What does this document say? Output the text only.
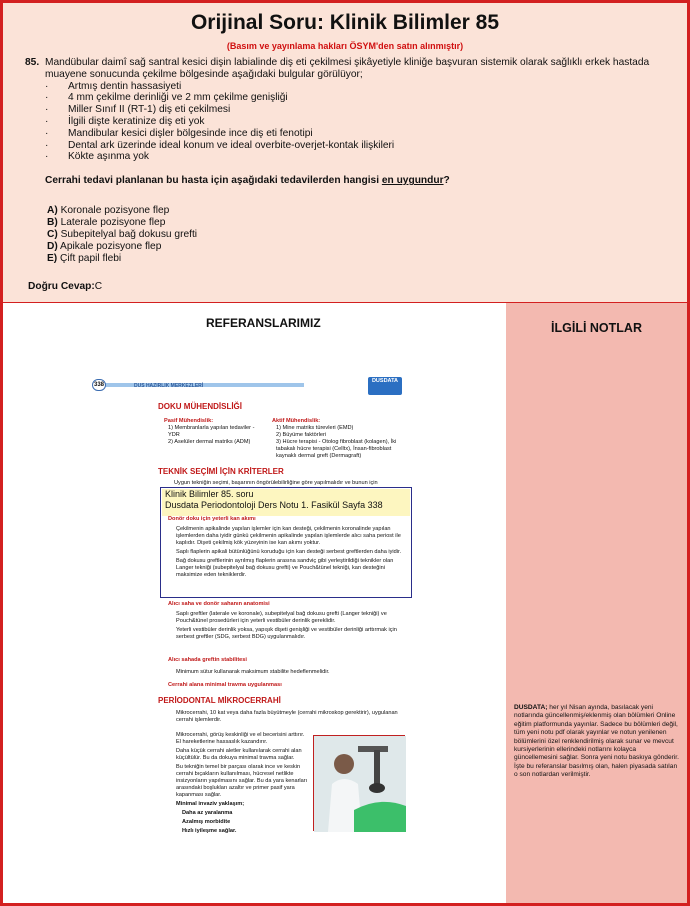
Orijinal Soru: Klinik Bilimler 85
(Basım ve yayınlama hakları ÖSYM'den satın alınmıştır)
85. Mandübular daimî sağ santral kesici dişin labialinde diş eti çekilmesi şikâyetiyle kliniğe başvuran sistemik olarak sağlıklı erkek hastada muayene sonucunda çekilme bölgesinde aşağıdaki bulgular görülüyor;
·	Artmış dentin hassasiyeti
·	4 mm çekilme derinliği ve 2 mm çekilme genişliği
·	Miller Sınıf II (RT-1) diş eti çekilmesi
·	İlgili dişte keratinize diş eti yok
·	Mandibular kesici dişler bölgesinde ince diş eti fenotipi
·	Dental ark üzerinde ideal konum ve ideal overbite-overjet-kontak ilişkileri
·	Kökte aşınma yok
Cerrahi tedavi planlanan bu hasta için aşağıdaki tedavilerden hangisi en uygundur?
A) Koronale pozisyone flep
B) Laterale pozisyone flep
C) Subepitelyal bağ dokusu grefti
D) Apikale pozisyone flep
E) Çift papil flebi
Doğru Cevap:C
REFERANSLARIMIZ
338	DUS HAZIRLIK MERKEZLERİ
DUSDATA
DOKU MÜHENDİSLİĞİ
Pasif Mühendislik:
1) Membranlarla yapılan tedaviler -YDR
2) Aselüler dermal matriks (ADM)
Aktif Mühendislik:
1) Mine matriks türevleri (EMD)
2) Büyüme faktörleri
3) Hücre terapisi - Otolog fibroblast (kolagen), İki tabakalı hücre terapisi (Celltx), İnsan-fibroblast kaynaklı dermal greft (Dermagraft)
TEKNİK SEÇİMİ İÇİN KRİTERLER
Uygun tekniğin seçimi, başarının öngörülebilirliğine göre yapılmalıdır ve bunun için
Donör doku için yeterli kan akımı
Çekilmenin apikalinde yapılan işlemler için kan desteği, çekilmenin koronalinde yapılan işlemlerden daha iyidir günkü çekilmenin apikalinde yapılan işlemlerde alıcı saha periost ile kaplıdır. Dişeti çekilmiş kök yüzeyinin ise kan akımı yoktur.
Saplı flaplerin apikali bütünlüğünü koruduğu için kan desteği serbest greftlerden daha iyidir.
Bağ dokusu greftlerinin ayrılmış flaplerin arasına sandviç gibi yerleştirildiği teknikler olan Langer tekniği (subepitelyal bağ dokusu grefti) ve Pouch&tünel tekniği, kan desteğini maksimize eden tekniklerdir.
Alıcı saha ve donör sahanın anatomisi
Saplı greftler (laterale ve koronale), subepitelyal bağ dokusu grefti (Langer tekniği) ve Pouch&tünel prosedürleri için yeterli vestibüler derinlik gereklidir.
Yeterli vestibüler derinlik yoksa, yapışık dişeti genişliği ve vestibüler derinliği arttırmak için serbest greftler (SDG, serbest BDG) uygulanmalıdır.
Alıcı sahada greftin stabilitesi
Minimum sütur kullanarak maksimum stabilite hedeflenmelidir.
Cerrahi alana minimal travma uygulanması
PERİODONTAL MİKROCERRAHİ
Mikrocerrahi, 10 kat veya daha fazla büyütmeyle (cerrahi mikroskop gerektirir), uygulanan cerrahi işlemlerdir.
Mikrocerrahi, görüş keskinliği ve el becerisini arttırır. El hareketlerine hassaslık kazandırır.
Daha küçük cerrahi aletler kullanılarak cerrahi alan küçültülür. Bu da dokuya minimal travma sağlar.
Bu tekniğin temel bir parçası olarak ince ve keskin cerrahi bıçakların kullanılması, hücresel netlikte insizyonların yapılmasını sağlar. Bu da yara kenarları arasındaki boşlukları azaltır ve primer pasif yara kapanması sağlar.
Minimal invaziv yaklaşım;
Daha az yaralanma
Azalmış morbidite
Hızlı iyileşme sağlar.
Klinik Bilimler 85. soru
Dusdata Periodontoloji Ders Notu 1. Fasikül Sayfa 338
İLGİLİ NOTLAR
DUSDATA; her yıl Nisan ayında, basılacak yeni notlarında güncellenmiş/eklenmiş olan bölümleri Online eğitim platformunda yayınlar. Sadece bu bölümleri değil, tüm yeni notu pdf olarak yayınlar ve notun yenilenen bölümlerini özel renklendirilmiş olarak sunar ve mevcut kursiyerlerinin ellerindeki notlarını kolayca güncellemesini sağlar. Sonra yeni notu baskıya gönderir. İşte bu referanslar basılmış olan, halen piyasada satılan o son notlardan verilmiştir.
